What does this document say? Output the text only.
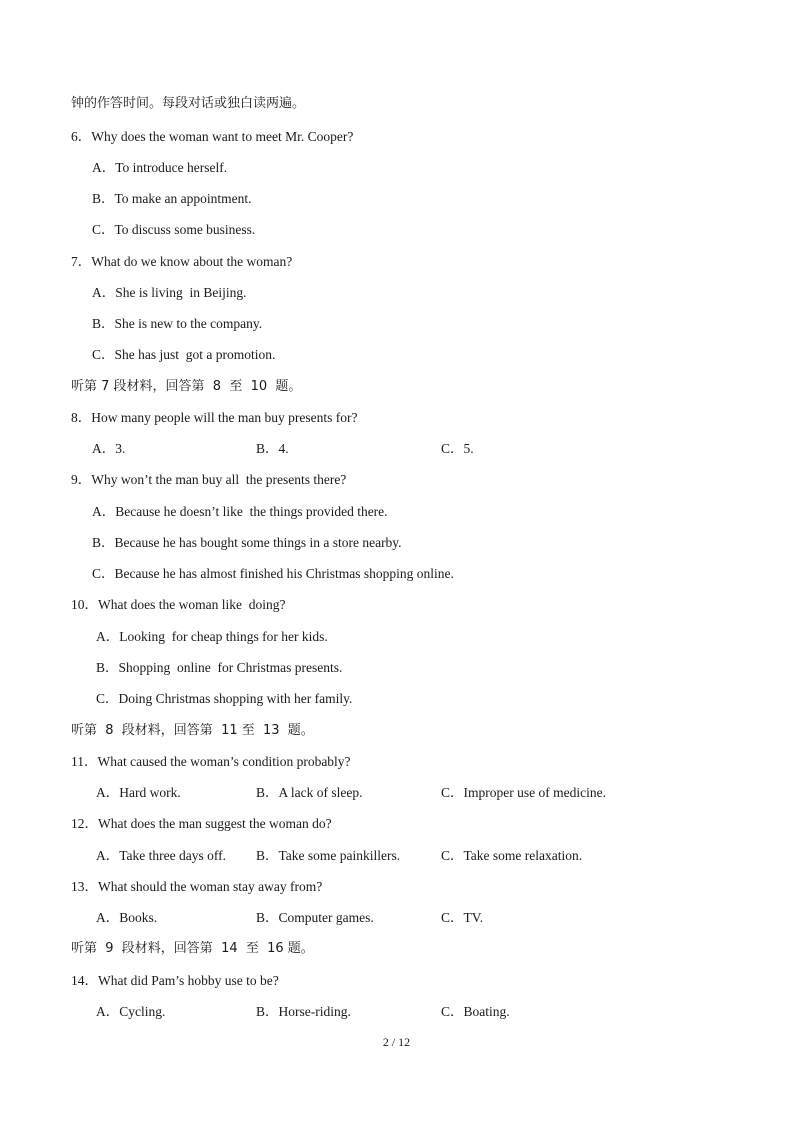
钟的作答时间。每段对话或独白读两遍。
6．Why does the woman want to meet Mr. Cooper?
A．To introduce herself.
B．To make an appointment.
C．To discuss some business.
7．What do we know about the woman?
A．She is living  in Beijing.
B．She is new to the company.
C．She has just  got a promotion.
听第 7 段材料，回答第  8  至  10  题。
8．How many people will the man buy presents for?
A．3.	B．4.	C．5.
9．Why won’t the man buy all  the presents there?
A．Because he doesn’t like  the things provided there.
B．Because he has bought some things in a store nearby.
C．Because he has almost finished his Christmas shopping online.
10．What does the woman like  doing?
A．Looking  for cheap things for her kids.
B．Shopping  online  for Christmas presents.
C．Doing Christmas shopping with her family.
听第  8  段材料，回答第  11 至  13  题。
11．What caused the woman’s condition probably?
A．Hard work.	B．A lack of sleep.	C．Improper use of medicine.
12．What does the man suggest the woman do?
A．Take three days off. B．Take some painkillers.	C．Take some relaxation.
13．What should the woman stay away from?
A．Books.	B．Computer games.	C．TV.
听第  9  段材料，回答第  14  至  16 题。
14．What did Pam’s hobby use to be?
A．Cycling.	B．Horse-riding.	C．Boating.
2 / 12
